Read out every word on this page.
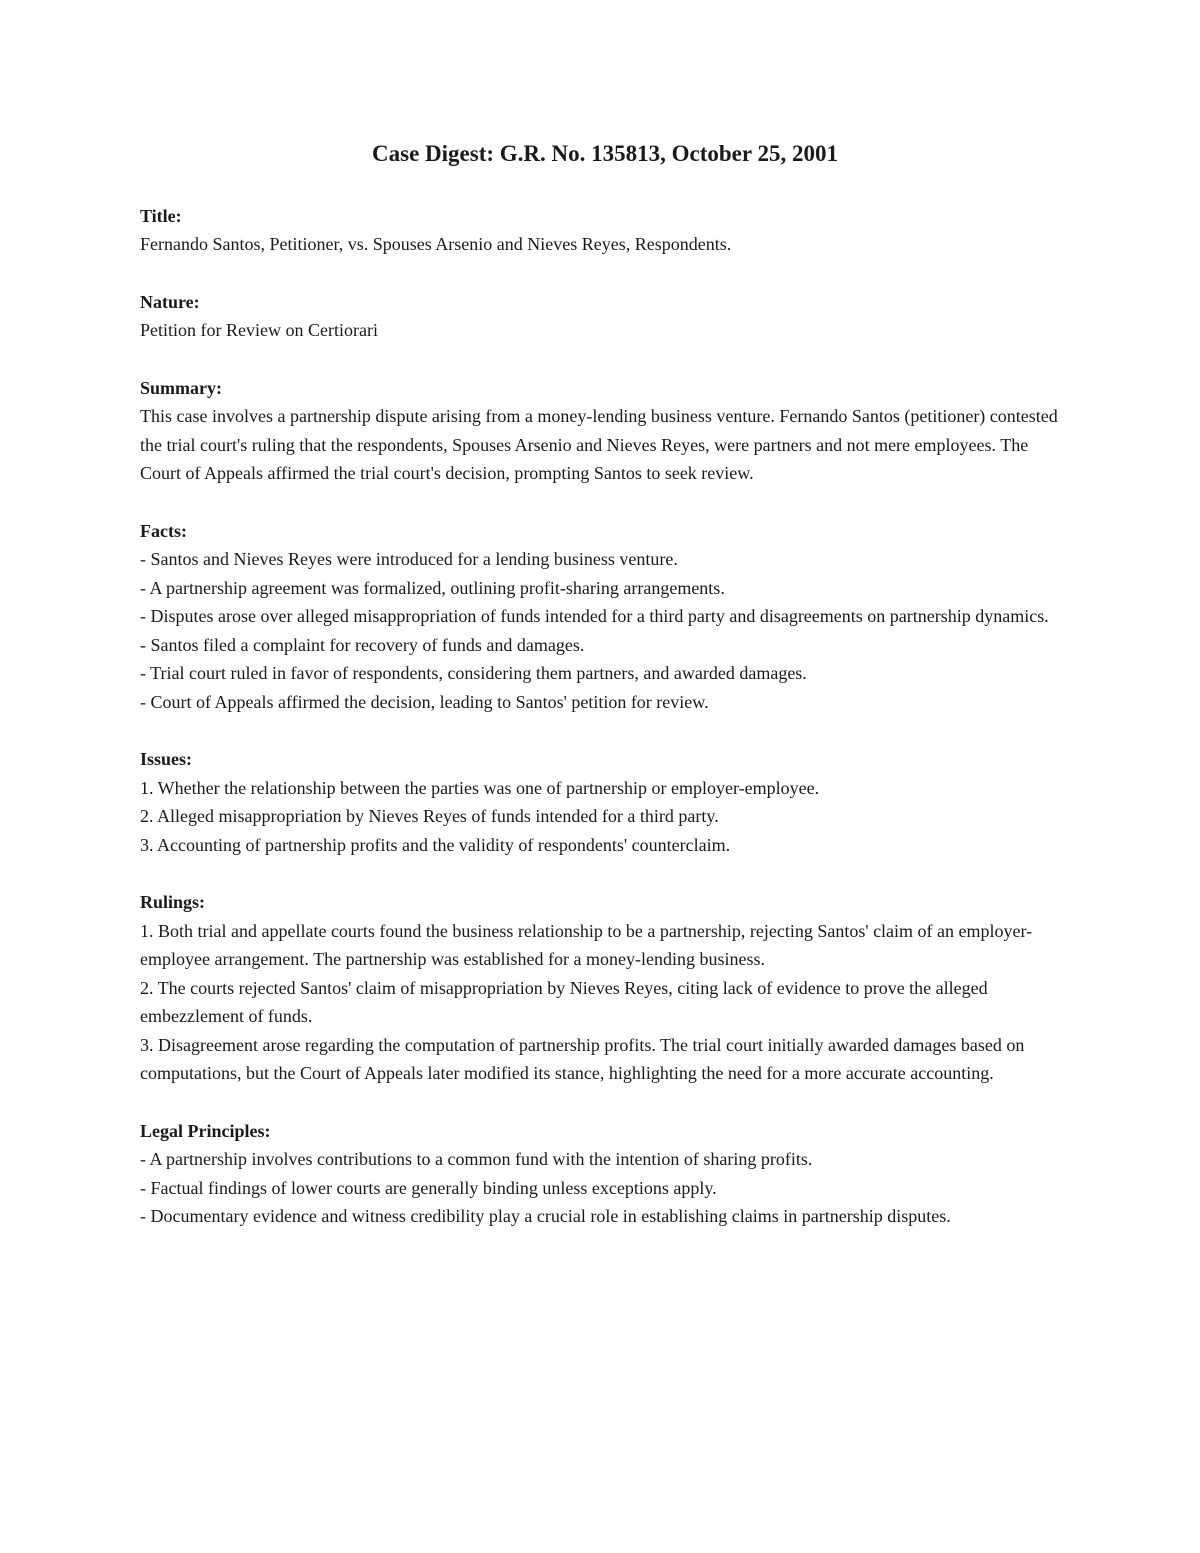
Case Digest: G.R. No. 135813, October 25, 2001
Title:

Fernando Santos, Petitioner, vs. Spouses Arsenio and Nieves Reyes, Respondents.

Nature:

Petition for Review on Certiorari

Summary:

This case involves a partnership dispute arising from a money-lending business venture. Fernando Santos (petitioner) contested the trial court's ruling that the respondents, Spouses Arsenio and Nieves Reyes, were partners and not mere employees. The Court of Appeals affirmed the trial court's decision, prompting Santos to seek review.

Facts:

- Santos and Nieves Reyes were introduced for a lending business venture.

- A partnership agreement was formalized, outlining profit-sharing arrangements.

- Disputes arose over alleged misappropriation of funds intended for a third party and disagreements on partnership dynamics.

- Santos filed a complaint for recovery of funds and damages.

- Trial court ruled in favor of respondents, considering them partners, and awarded damages.

- Court of Appeals affirmed the decision, leading to Santos' petition for review.

Issues:

1. Whether the relationship between the parties was one of partnership or employer-employee.

2. Alleged misappropriation by Nieves Reyes of funds intended for a third party.

3. Accounting of partnership profits and the validity of respondents' counterclaim.

Rulings:

1. Both trial and appellate courts found the business relationship to be a partnership, rejecting Santos' claim of an employer-employee arrangement. The partnership was established for a money-lending business.

2. The courts rejected Santos' claim of misappropriation by Nieves Reyes, citing lack of evidence to prove the alleged embezzlement of funds.

3. Disagreement arose regarding the computation of partnership profits. The trial court initially awarded damages based on computations, but the Court of Appeals later modified its stance, highlighting the need for a more accurate accounting.

Legal Principles:

- A partnership involves contributions to a common fund with the intention of sharing profits.

- Factual findings of lower courts are generally binding unless exceptions apply.

- Documentary evidence and witness credibility play a crucial role in establishing claims in partnership disputes.
